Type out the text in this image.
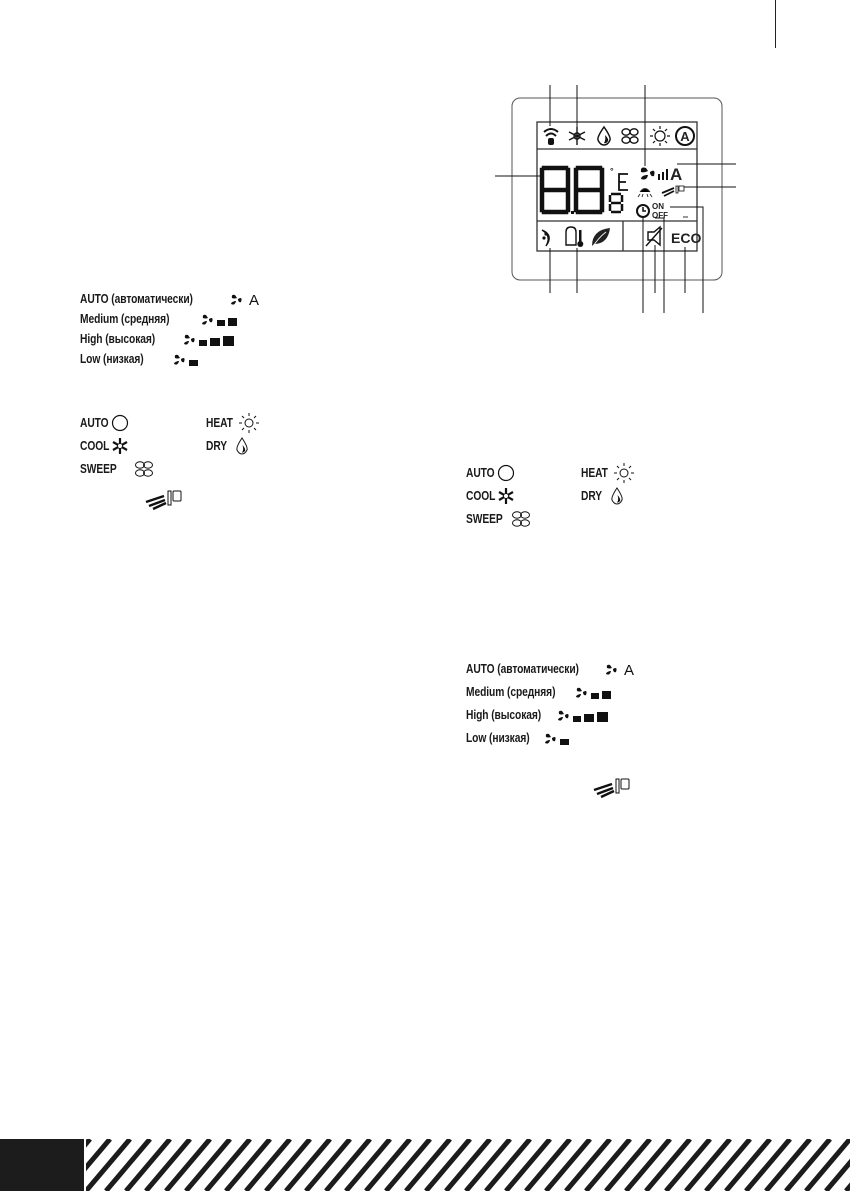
AUTO (автоматически)	A
Medium (средняя)
High (высокая)
Low (низкая)
AUTO	HEAT
COOL	DRY
SWEEP
A
°	A
ON
OFF
ECO
AUTO	HEAT
COOL	DRY
SWEEP
AUTO (автоматически)	A
Medium (средняя)
High (высокая)
Low (низкая)
